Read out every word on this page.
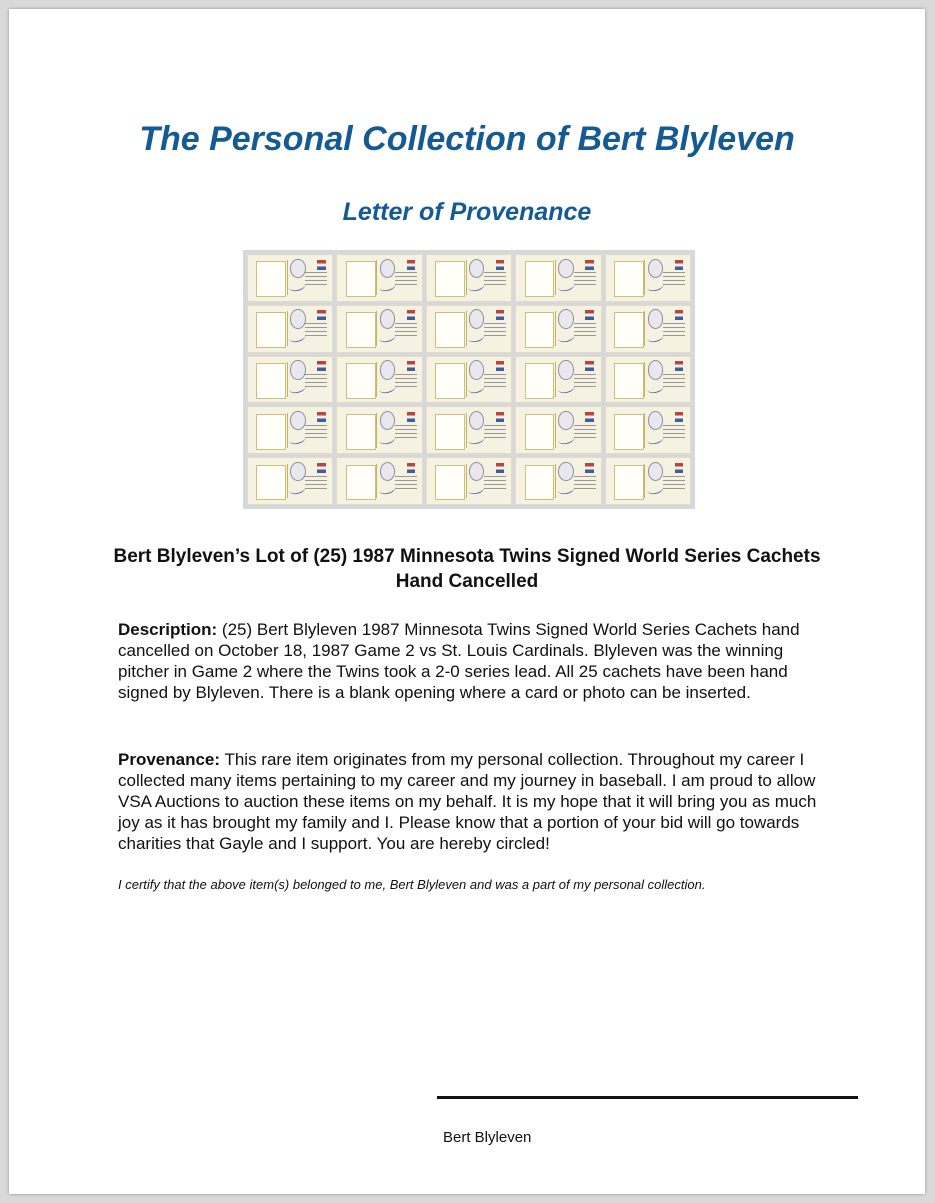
The Personal Collection of Bert Blyleven
Letter of Provenance
Bert Blyleven’s Lot of (25) 1987 Minnesota Twins Signed World Series Cachets Hand Cancelled

Description: (25) Bert Blyleven 1987 Minnesota Twins Signed World Series Cachets hand cancelled on October 18, 1987 Game 2 vs St. Louis Cardinals. Blyleven was the winning pitcher in Game 2 where the Twins took a 2-0 series lead. All 25 cachets have been hand signed by Blyleven. There is a blank opening where a card or photo can be inserted.

Provenance: This rare item originates from my personal collection. Throughout my career I collected many items pertaining to my career and my journey in baseball. I am proud to allow VSA Auctions to auction these items on my behalf. It is my hope that it will bring you as much joy as it has brought my family and I. Please know that a portion of your bid will go towards charities that Gayle and I support. You are hereby circled!

I certify that the above item(s) belonged to me, Bert Blyleven and was a part of my personal collection.

Bert Blyleven
